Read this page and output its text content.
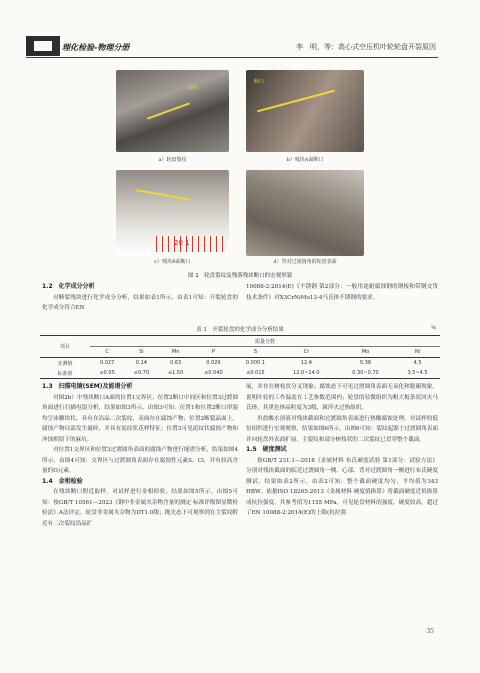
理化检验-物理分册	李　明，等：高心式空压机叶轮轮盘开裂原因
裂纹
a）轮盘裂纹
断口
b）残块A面断口
20 1
c）残块B面断口	d）背对过渡圆角的轮盘表面
图 2　轮盘裂纹及残落残块断口的宏观形貌
1.2　化学成分分析

对断裂残块进行化学成分分析，结果如表1所示。由表1可知：开裂轮盘的化学成分符合EN

10088-2:2014(E)《不锈钢 第2部分：一般用途耐腐蚀钢的钢板和带钢交货技术条件》对X3CrNiMo13-4马氏体不锈钢的要求。

表 1　开裂轮盘的化学成分分析结果	%
项目	质量分数							
	C	Si	Mn	P	S	Cr	Mo	Ni
实测值	0.027	0.14	0.63	0.029	0.000 1	12.4	0.38	4.5
标准值	≤0.05	≤0.70	≤1.50	≤0.040	≤0.015	12.0~14.0	0.30~0.70	3.5~4.5
1.3　扫描电镜(SEM)及能谱分析

对图2b）中残块断口A面的位置1交界区、位置2断口中间区和位置3过渡圆角面进行扫描电镜分析，结果如图3所示。由图3可知：位置1和位置2断口形貌均呈冰糖块状，具有在沿晶二次裂纹，表面存在腐蚀产物；位置2断裂晶面上，腐蚀产物局部发生破碎，并具有泥纹状花样特征；位置3可见泥纹状腐蚀产物和冲蚀损留下的麻坑。

对位置1交界区和位置3过渡圆角表面的腐蚀产物进行能谱分析，结果如图4所示。由图4可知：交界区与过渡圆角表面存在腐蚀性元素S、Cl，并有较高含量的O元素。

1.4　金相检验

在残块断口附近取样，对试样进行金相检验，结果如图5所示。由图5可知：按GB/T 10561—2023《钢中非金属夹杂物含量的测定 标准评级图显微检验法》A法评定，轮盘非金属夹杂物为DT1.0级；抛光态下可观察到在主裂纹附近有二次裂纹沿晶扩

展，并存在树枝状分叉现象；腐蚀态下可见过渡圆角表面无氧化和脱碳现象，说明叶轮的工作温度在工艺参数范围内；轮盘的显微组织为粗大板条状回火马氏体，其黑色体晶粒度为3级，属淬火过热组织。

用盐酸水溶液对残块截面和过渡圆角表面进行热酸腐蚀处理，对试样的低倍组织进行宏观观察，结果如图6所示。由图6可知：裂纹起源于过渡圆角表面并向轮盘外表面扩展，主裂纹和部分树枝状的二次裂纹已贯穿整个截面。

1.5　硬度测试

按GB/T 231.1—2018《金属材料 布氏硬度试验 第1部分：试验方法》分别对残块截面的临近过渡圆角一侧、心部、背对过渡圆角一侧进行布氏硬度测试，结果如表2所示。由表2可知：整个截面硬度均匀，平均值为343 HBW。依据ISO 18265:2013《金属材料 硬度值换算》将截面硬度近似换算成抗拉强度，其参考值为1155 MPa。可见轮盘材料的强度、硬度较高，超过了EN 10088-2:2014(E)的上限(抗拉强

35
